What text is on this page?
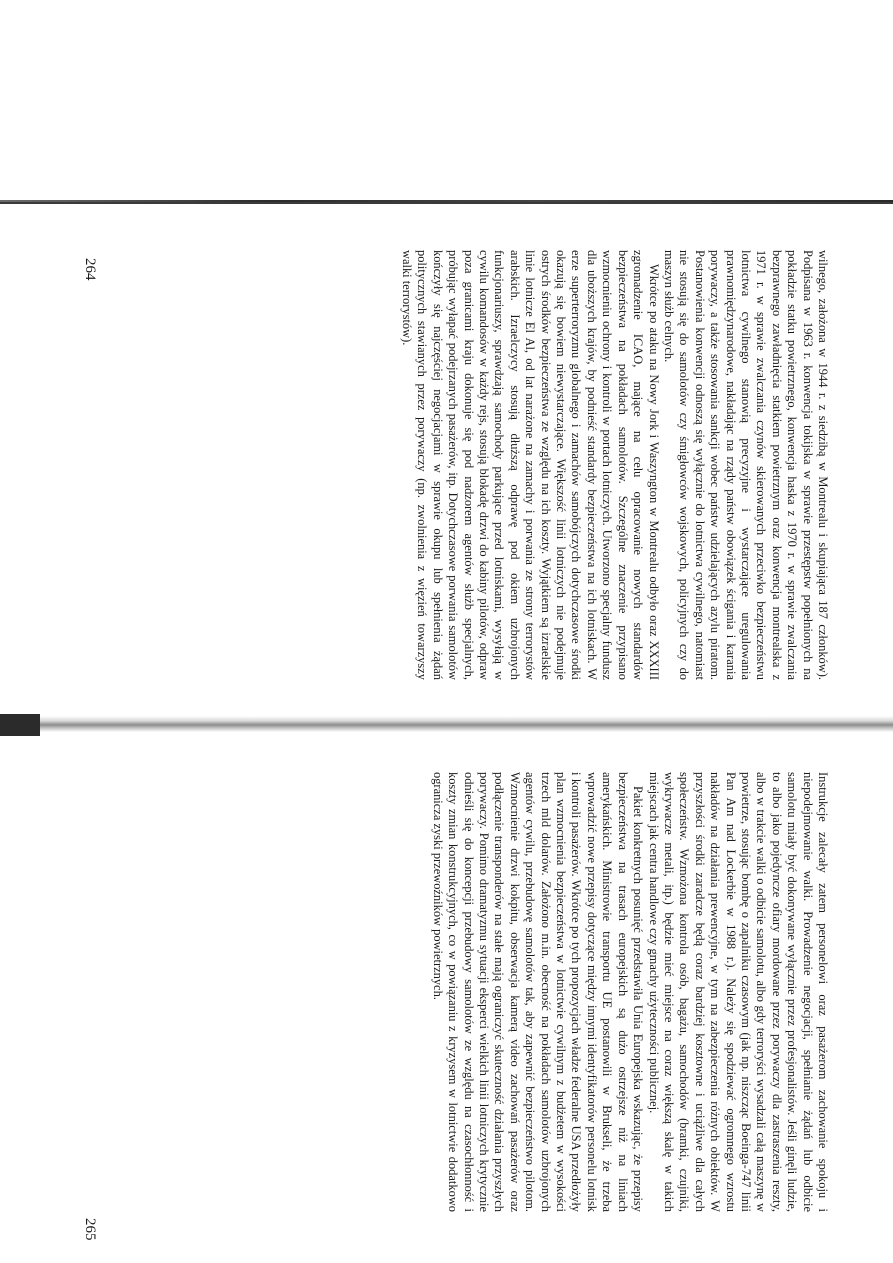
wilnego, założona w 1944 r. z siedzibą w Montrealu i skupiająca 187 członków). Podpisana w 1963 r. konwencja tokijska w sprawie przestępstw popełnionych na pokładzie statku powietrznego, konwencja haska z 1970 r. w sprawie zwalczania bezprawnego zawładnięcia statkiem powietrznym oraz konwencja montrealska z 1971 r. w sprawie zwalczania czynów skierowanych przeciwko bezpieczeństwu lotnictwa cywilnego stanowią precyzyjne i wystarczające uregulowania prawnomiędzynarodowe, nakładając na rządy państw obowiązek ścigania i karania porywaczy, a także stosowania sankcji wobec państw udzielających azylu piratom. Postanowienia konwencji odnoszą się wyłącznie do lotnictwa cywilnego, natomiast nie stosują się do samolotów czy śmigłowców wojskowych, policyjnych czy do maszyn służb celnych.

Wkrótce po ataku na Nowy Jork i Waszyngton w Montrealu odbyło oraz XXXIII zgromadzenie ICAO, mające na celu opracowanie nowych standardów bezpieczeństwa na pokładach samolotów. Szczególne znaczenie przypisano wzmocnieniu ochrony i kontroli w portach lotniczych. Utworzono specjalny fundusz dla uboższych krajów, by podnieść standardy bezpieczeństwa na ich lotniskach. W erze superterroryzmu globalnego i zamachów samobójczych dotychczasowe środki okazują się bowiem niewystarczające. Większość linii lotniczych nie podejmuje ostrych środków bezpieczeństwa ze względu na ich koszty. Wyjątkiem są izraelskie linie lotnicze El Al, od lat narażone na zamachy i porwania ze strony terrorystów arabskich. Izraelczycy stosują dłuższą odprawę pod okiem uzbrojonych funkcjonariuszy, sprawdzają samochody parkujące przed lotniskami, wysyłają w cywilu komandosów w każdy rejs, stosują blokadę drzwi do kabiny pilotów, odpraw poza granicami kraju dokonuje się pod nadzorem agentów służb specjalnych, próbując wyłapać podejrzanych pasażerów, itp. Dotychczasowe porwania samolotów kończyły się najczęściej negocjacjami w sprawie okupu lub spełnienia żądań politycznych stawianych przez porywaczy (np. zwolnienia z więzień towarzyszy walki terrorystów).

264

Instrukcje zalecały zatem personelowi oraz pasażerom zachowanie spokoju i niepodejmowanie walki. Prowadzenie negocjacji, spełnianie żądań lub odbicie samolotu miały być dokonywane wyłącznie przez profesjonalistów. Jeśli ginęli ludzie, to albo jako pojedyncze ofiary mordowane przez porywaczy dla zastraszenia reszty, albo w trakcie walki o odbicie samolotu, albo gdy terroryści wysadzali całą maszynę w powietrze, stosując bombę o zapalniku czasowym (jak np. niszcząc Boeinga-747 linii Pan Am nad Lockerbie w 1988 r.). Należy się spodziewać ogromnego wzrostu nakładów na działania prewencyjne, w tym na zabezpieczenia różnych obiektów. W przyszłości środki zaradcze będą coraz bardziej kosztowne i uciążliwe dla całych społeczeństw. Wzmożona kontrola osób, bagażu, samochodów (bramki, czujniki, wykrywacze metali, itp.) będzie mieć miejsce na coraz większą skalę w takich miejscach jak centra handlowe czy gmachy użyteczności publicznej.

Pakiet konkretnych posunięć przedstawiła Unia Europejska wskazując, że przepisy bezpieczeństwa na trasach europejskich są dużo ostrzejsze niż na liniach amerykańskich. Ministrowie transportu UE postanowili w Brukseli, że trzeba wprowadzić nowe przepisy dotyczące między innymi identyfikatorów personelu lotnisk i kontroli pasażerów. Wkrótce po tych propozycjach władze federalne USA przedłożyły plan wzmocnienia bezpieczeństwa w lotnictwie cywilnym z budżetem w wysokości trzech mld dolarów. Założono m.in. obecność na pokładach samolotów uzbrojonych agentów cywilu, przebudowę samolotów tak, aby zapewnić bezpieczeństwo pilotom. Wzmocnienie drzwi kokpitu, obserwacja kamerą video zachowań pasażerów oraz podłączenie transponderów na stałe mają ograniczyć skuteczność działania przyszłych porywaczy. Pomimo dramatyzmu sytuacji eksperci wielkich linii lotniczych krytycznie odnieśli się do koncepcji przebudowy samolotów ze względu na czasochłonność i koszty zmian konstrukcyjnych, co w powiązaniu z kryzysem w lotnictwie dodatkowo ogranicza zyski przewoźników powietrznych.

265
